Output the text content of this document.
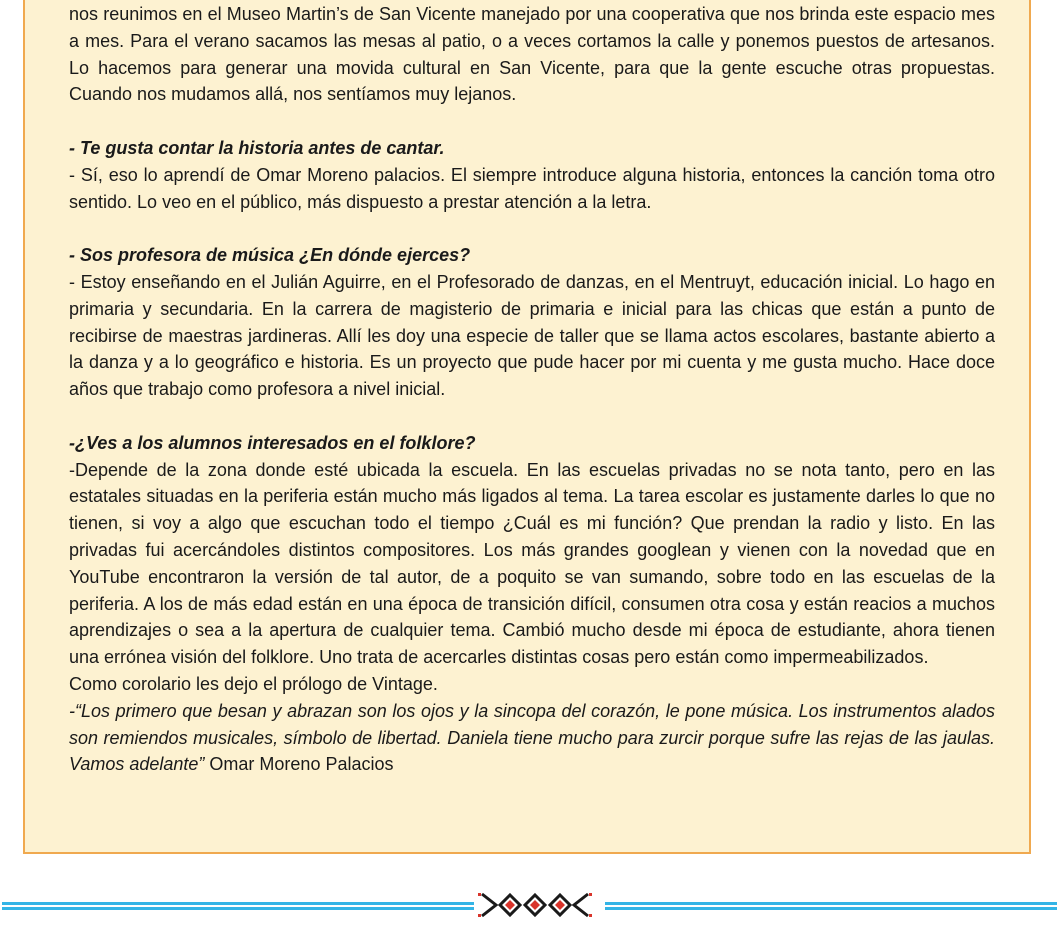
nos reunimos en el Museo Martin’s de San Vicente manejado por una cooperativa que nos brinda este espacio mes a mes. Para el verano sacamos las mesas al patio, o a veces cortamos la calle y ponemos puestos de artesanos. Lo hacemos para generar una movida cultural en San Vicente, para que la gente escuche otras propuestas. Cuando nos mudamos allá, nos sentíamos muy lejanos.

- Te gusta contar la historia antes de cantar.

- Sí, eso lo aprendí de Omar Moreno palacios. El siempre introduce alguna historia, entonces la canción toma otro sentido. Lo veo en el público, más dispuesto a prestar atención a la letra.

- Sos profesora de música ¿En dónde ejerces?

- Estoy enseñando en el Julián Aguirre, en el Profesorado de danzas, en el Mentruyt, educación inicial. Lo hago en primaria y secundaria. En la carrera de magisterio de primaria e inicial para las chicas que están a punto de recibirse de maestras jardineras. Allí les doy una especie de taller que se llama actos escolares, bastante abierto a la danza y a lo geográfico e historia. Es un proyecto que pude hacer por mi cuenta y me gusta mucho. Hace doce años que trabajo como profesora a nivel inicial.

-¿Ves a los alumnos interesados en el folklore?

-Depende de la zona donde esté ubicada la escuela. En las escuelas privadas no se nota tanto, pero en las estatales situadas en la periferia están mucho más ligados al tema. La tarea escolar es justamente darles lo que no tienen, si voy a algo que escuchan todo el tiempo ¿Cuál es mi función? Que prendan la radio y listo. En las privadas fui acercándoles distintos compositores. Los más grandes googlean y vienen con la novedad que en YouTube encontraron la versión de tal autor, de a poquito se van sumando, sobre todo en las escuelas de la periferia. A los de más edad están en una época de transición difícil, consumen otra cosa y están reacios a muchos aprendizajes o sea a la apertura de cualquier tema. Cambió mucho desde mi época de estudiante, ahora tienen una errónea visión del folklore. Uno trata de acercarles distintas cosas pero están como impermeabilizados.

Como corolario les dejo el prólogo de Vintage.

-“Los primero que besan y abrazan son los ojos y la sincopa del corazón, le pone música. Los instrumentos alados son remiendos musicales, símbolo de libertad. Daniela tiene mucho para zurcir porque sufre las rejas de las jaulas. Vamos adelante” Omar Moreno Palacios
